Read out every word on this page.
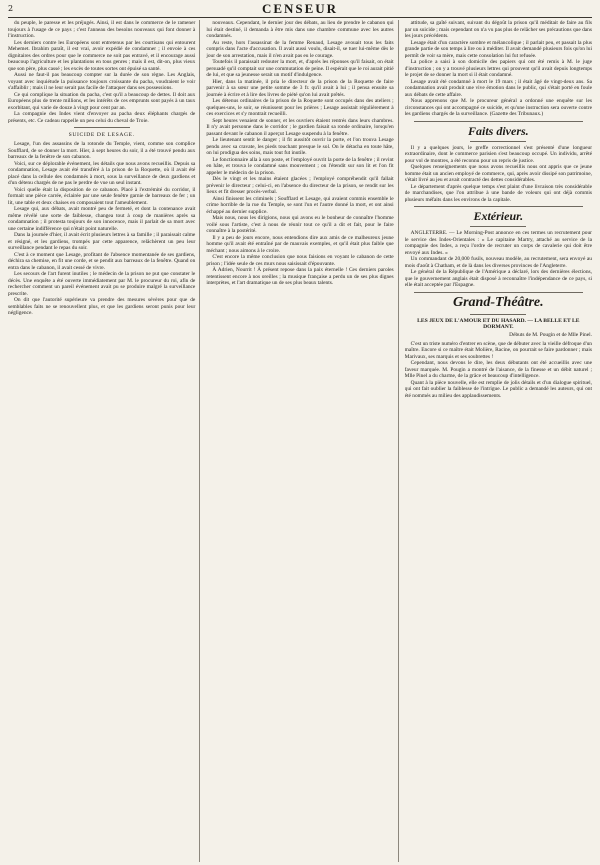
2	CENSEUR

du peuple, le paresse et les préjugés. Ainsi, il est dans le commerce de le ramener toujours à l'usage de ce pays ; c'est l'anneau des besoins nouveaux qui font donner à l'instruction.

Les derniers contre les Européens sont entretenus par les courtisans qui entourent Mehemet. Ibrahim paraît, il est vrai, avoir expédié de condamner ; il envoie à ces dignitaires des ordres pour que le commerce ne soit pas entravé, et il encourage aussi beaucoup l'agriculture et les plantations en tous genres ; mais il est, dit-on, plus vieux que son père, plus cassé ; les excès de toutes sortes ont épuisé sa santé.

Aussi ne faut-il pas beaucoup compter sur la durée de son règne. Les Anglais, voyant avec inquiétude la puissance toujours croissante du pacha, voudraient le voir s'affaiblir ; mais il ne leur serait pas facile de l'attaquer dans ses possessions.

Ce qui complique la situation du pacha, c'est qu'il a beaucoup de dettes. Il doit aux Européens plus de trente millions, et les intérêts de ces emprunts sont payés à un taux exorbitant, qui varie de douze à vingt pour cent par an.

La compagnie des Indes vient d'envoyer au pacha deux éléphants chargés de présents, etc. Ce cadeau rappelle un peu celui du cheval de Troie.

SUICIDE DE LESAGE.

Lesage, l'un des assassins de la rotonde du Temple, vient, comme son complice Soufflard, de se donner la mort. Hier, à sept heures du soir, il a été trouvé pendu aux barreaux de la fenêtre de son cabanon.

Voici, sur ce déplorable événement, les détails que nous avons recueillis. Depuis sa condamnation, Lesage avait été transféré à la prison de la Roquette, où il avait été placé dans la cellule des condamnés à mort, sous la surveillance de deux gardiens et d'un détenu chargés de ne pas le perdre de vue un seul instant.

Voici quelle était la disposition de ce cabanon. Placé à l'extrémité du corridor, il formait une pièce carrée, éclairée par une seule fenêtre garnie de barreaux de fer ; un lit, une table et deux chaises en composaient tout l'ameublement.

Lesage qui, aux débats, avait montré peu de fermeté, et dont la contenance avait même révélé une sorte de faiblesse, changea tout à coup de manières après sa condamnation ; il protesta toujours de son innocence, mais il parlait de sa mort avec une certaine indifférence qui n'était point naturelle.

Dans la journée d'hier, il avait écrit plusieurs lettres à sa famille ; il paraissait calme et résigné, et les gardiens, trompés par cette apparence, relâchèrent un peu leur surveillance pendant le repas du soir.

C'est à ce moment que Lesage, profitant de l'absence momentanée de ses gardiens, déchira sa chemise, en fit une corde, et se pendit aux barreaux de la fenêtre. Quand on entra dans le cabanon, il avait cessé de vivre.

Les secours de l'art furent inutiles ; le médecin de la prison ne put que constater le décès. Une enquête a été ouverte immédiatement par M. le procureur du roi, afin de rechercher comment un pareil événement avait pu se produire malgré la surveillance prescrite.

On dit que l'autorité supérieure va prendre des mesures sévères pour que de semblables faits ne se renouvellent plus, et que les gardiens seront punis pour leur négligence.

nouveaux. Cependant, le dernier jour des débats, au lieu de prendre le cabanon qui lui était destiné, il demanda à être mis dans une chambre commune avec les autres condamnés.

Au reste, hors l'assassinat de la femme Renaud, Lesage avouait tous les faits compris dans l'acte d'accusation. Il avait aussi voulu, disait-il, se tuer lui-même dès le jour de son arrestation, mais il n'en avait pas eu le courage.

Toutefois il paraissait redouter la mort, et, d'après les réponses qu'il faisait, on était persuadé qu'il comptait sur une commutation de peine. Il espérait que le roi aurait pitié de lui, et que sa jeunesse serait un motif d'indulgence.

Hier, dans la matinée, il pria le directeur de la prison de la Roquette de faire parvenir à sa sœur une petite somme de 3 fr. qu'il avait à lui ; il pensa ensuite sa journée à écrire et à lire des livres de piété qu'on lui avait prêtés.

Les détenus ordinaires de la prison de la Roquette sont occupés dans des ateliers ; quelques-uns, le soir, se réunissent pour les prières ; Lesage assistait régulièrement à ces exercices et s'y montrait recueilli.

Sept heures venaient de sonner, et les ouvriers étaient rentrés dans leurs chambres. Il n'y avait personne dans le corridor ; le gardien faisait sa ronde ordinaire, lorsqu'en passant devant le cabanon il aperçut Lesage suspendu à la fenêtre.

Le lieutenant sentit le danger ; il fit aussitôt ouvrir la porte, et l'on trouva Lesage pendu avec sa cravate, les pieds touchant presque le sol. On le détacha en toute hâte, on lui prodigua des soins, mais tout fut inutile.

Le fonctionnaire alla à son poste, et l'employé ouvrit la porte de la fenêtre ; il revint en hâte, et trouva le condamné sans mouvement ; on l'étendit sur son lit et l'on fit appeler le médecin de la prison.

Dès le vingt et les mains étaient glacées ; l'employé compréhendit qu'il fallait prévenir le directeur ; celui-ci, en l'absence du directeur de la prison, se rendit sur les lieux et fit dresser procès-verbal.

Ainsi finissent les criminels ; Soufflard et Lesage, qui avaient commis ensemble le crime horrible de la rue du Temple, se sont l'un et l'autre donné la mort, et ont ainsi échappé au dernier supplice.

Mais nous, nous les dirigions, nous qui avons eu le bonheur de connaître l'homme voilé sous l'artiste, c'est à nous de réunir tout ce qu'il a dit et fait, pour le faire connaître à la postérité.

Il y a peu de jours encore, nous entendions dire aux amis de ce malheureux jeune homme qu'il avait été entraîné par de mauvais exemples, et qu'il était plus faible que méchant ; nous aimons à le croire.

C'est encore la même conclusion que nous faisions en voyant le cabanon de cette prison ; l'idée seule de ces murs nous saisissait d'épouvante.

À Adrien, Nourrit ! À présent repose dans la paix éternelle ! Ces derniers paroles retentissent encore à nos oreilles ; la musique française a perdu un de ses plus dignes interprètes, et l'art dramatique un de ses plus beaux talents.

attitude, sa gaîté suivant, suivant du dégoût la prison qu'il méditait de faire au fils par un suicide ; mais cependant on n'a vu pas plus de relâcher ses précautions que dans les jours précédents.

Lesage était d'un caractère sombre et mélancolique ; il parlait peu, et passait la plus grande partie de son temps à lire ou à méditer. Il avait demandé plusieurs fois qu'on lui permît de voir sa mère, mais cette consolation lui fut refusée.

La police a saisi à son domicile des papiers qui ont été remis à M. le juge d'instruction ; on y a trouvé plusieurs lettres qui prouvent qu'il avait depuis longtemps le projet de se donner la mort si il était condamné.

Lesage avait été condamné à mort le 19 mars ; il était âgé de vingt-deux ans. Sa condamnation avait produit une vive émotion dans le public, qui s'était porté en foule aux débats de cette affaire.

Nous apprenons que M. le procureur général a ordonné une enquête sur les circonstances qui ont accompagné ce suicide, et qu'une instruction sera ouverte contre les gardiens chargés de la surveillance. (Gazette des Tribunaux.)

Faits divers.

Il y a quelques jours, le greffe correctionnel s'est présenté d'une longueur extraordinaire, dont le commerce parisien s'est beaucoup occupé. Un individu, arrêté pour vol de montres, a été reconnu pour un repris de justice.

Quelques renseignements que nous avons recueillis nous ont appris que ce jeune homme était un ancien employé de commerce, qui, après avoir dissipé son patrimoine, s'était livré au jeu et avait contracté des dettes considérables.

Le département d'après quelque temps s'est plaint d'une livraison très considérable de marchandises, que l'on attribue à une bande de voleurs qui ont déjà commis plusieurs méfaits dans les environs de la capitale.

Extérieur.

ANGLETERRE. — Le Morning-Post annonce en ces termes un recrutement pour le service des Indes-Orientales : « Le capitaine Martry, attaché au service de la compagnie des Indes, a reçu l'ordre de recruter un corps de cavalerie qui doit être envoyé aux Indes. »

Un commandant de 20,000 fusils, nouveau modèle, au recrutement, sera envoyé au mois d'août à Chatham, et de là dans les diverses provinces de l'Angleterre.

Le général de la République de l'Amérique a déclaré, lors des dernières élections, que le gouvernement anglais était disposé à reconnaître l'indépendance de ce pays, si elle était acceptée par l'Espagne.

Grand-Théâtre.
LES JEUX DE L'AMOUR ET DU HASARD. — LA BELLE ET LE DORMANT.
Débuts de M. Pougin et de Mlle Pinel.

C'est un triste numéro d'entrer en scène, que de débuter avec la vieille défroque d'un maître. Encore si ce maître était Molière, Racine, on pourrait se faire pardonner ; mais Marivaux, ses marquis et ses soubrettes !

Cependant, nous devons le dire, les deux débutants ont été accueillis avec une faveur marquée. M. Pougin a montré de l'aisance, de la finesse et un débit naturel ; Mlle Pinel a du charme, de la grâce et beaucoup d'intelligence.

Quant à la pièce nouvelle, elle est remplie de jolis détails et d'un dialogue spirituel, qui ont fait oublier la faiblesse de l'intrigue. Le public a demandé les auteurs, qui ont été nommés au milieu des applaudissements.
